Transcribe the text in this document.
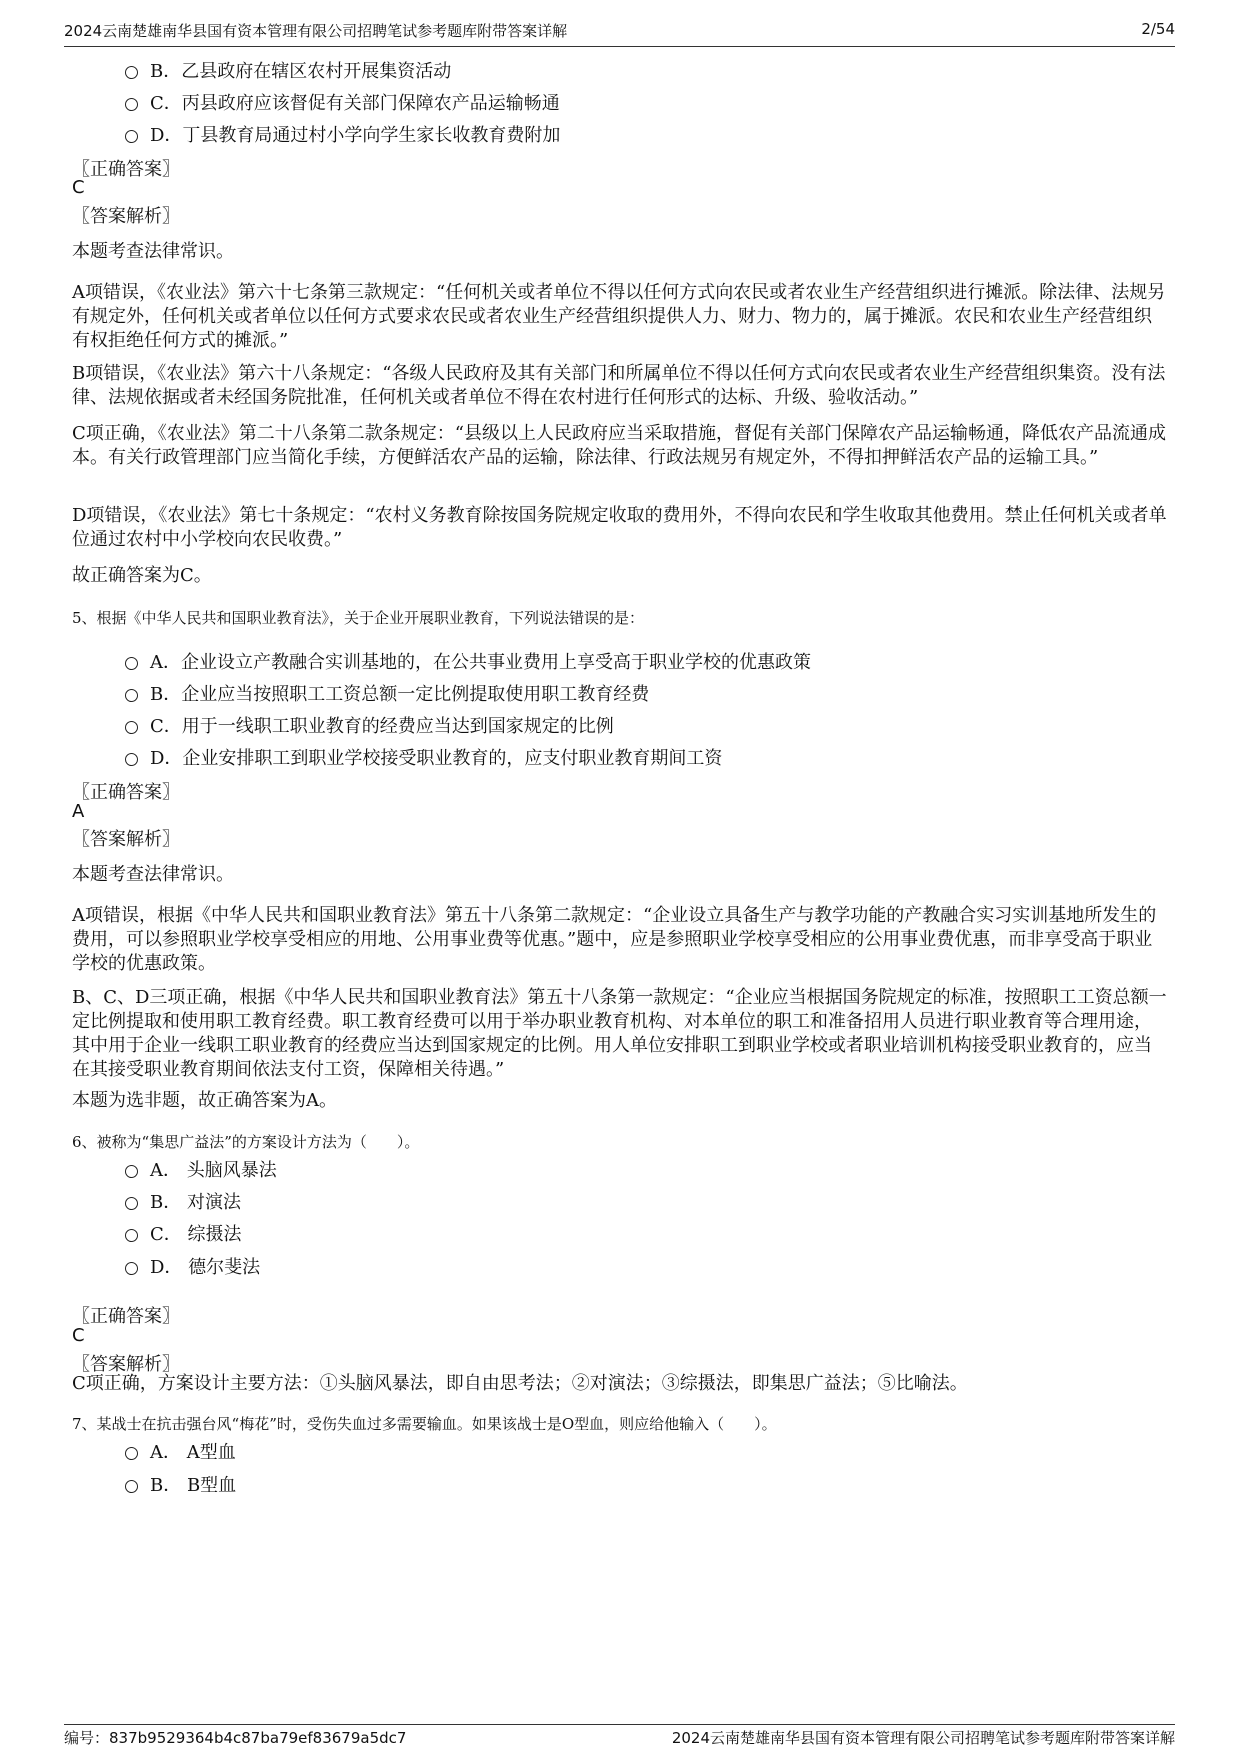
2024云南楚雄南华县国有资本管理有限公司招聘笔试参考题库附带答案详解	2/54
B．乙县政府在辖区农村开展集资活动
C．丙县政府应该督促有关部门保障农产品运输畅通
D．丁县教育局通过村小学向学生家长收教育费附加
〖正确答案〗
C
〖答案解析〗
本题考查法律常识。
A项错误，《农业法》第六十七条第三款规定：“任何机关或者单位不得以任何方式向农民或者农业生产经营组织进行摊派。除法律、法规另有规定外，任何机关或者单位以任何方式要求农民或者农业生产经营组织提供人力、财力、物力的，属于摊派。农民和农业生产经营组织有权拒绝任何方式的摊派。”
B项错误，《农业法》第六十八条规定：“各级人民政府及其有关部门和所属单位不得以任何方式向农民或者农业生产经营组织集资。没有法律、法规依据或者未经国务院批准，任何机关或者单位不得在农村进行任何形式的达标、升级、验收活动。”
C项正确，《农业法》第二十八条第二款条规定：“县级以上人民政府应当采取措施，督促有关部门保障农产品运输畅通，降低农产品流通成本。有关行政管理部门应当简化手续，方便鲜活农产品的运输，除法律、行政法规另有规定外，不得扣押鲜活农产品的运输工具。”
D项错误，《农业法》第七十条规定：“农村义务教育除按国务院规定收取的费用外，不得向农民和学生收取其他费用。禁止任何机关或者单位通过农村中小学校向农民收费。”
故正确答案为C。
5、根据《中华人民共和国职业教育法》，关于企业开展职业教育，下列说法错误的是：
A．企业设立产教融合实训基地的，在公共事业费用上享受高于职业学校的优惠政策
B．企业应当按照职工工资总额一定比例提取使用职工教育经费
C．用于一线职工职业教育的经费应当达到国家规定的比例
D．企业安排职工到职业学校接受职业教育的，应支付职业教育期间工资
〖正确答案〗
A
〖答案解析〗
本题考查法律常识。
A项错误，根据《中华人民共和国职业教育法》第五十八条第二款规定：“企业设立具备生产与教学功能的产教融合实习实训基地所发生的费用，可以参照职业学校享受相应的用地、公用事业费等优惠。”题中，应是参照职业学校享受相应的公用事业费优惠，而非享受高于职业学校的优惠政策。
B、C、D三项正确，根据《中华人民共和国职业教育法》第五十八条第一款规定：“企业应当根据国务院规定的标准，按照职工工资总额一定比例提取和使用职工教育经费。职工教育经费可以用于举办职业教育机构、对本单位的职工和准备招用人员进行职业教育等合理用途，其中用于企业一线职工职业教育的经费应当达到国家规定的比例。用人单位安排职工到职业学校或者职业培训机构接受职业教育的，应当在其接受职业教育期间依法支付工资，保障相关待遇。”
本题为选非题，故正确答案为A。
6、被称为“集思广益法”的方案设计方法为（　　）。
A． 头脑风暴法
B． 对演法
C． 综摄法
D． 德尔斐法
〖正确答案〗
C
〖答案解析〗
C项正确，方案设计主要方法：①头脑风暴法，即自由思考法；②对演法；③综摄法，即集思广益法；⑤比喻法。
7、某战士在抗击强台风“梅花”时，受伤失血过多需要输血。如果该战士是O型血，则应给他输入（　　）。
A． A型血
B． B型血
编号：837b9529364b4c87ba79ef83679a5dc7	2024云南楚雄南华县国有资本管理有限公司招聘笔试参考题库附带答案详解
